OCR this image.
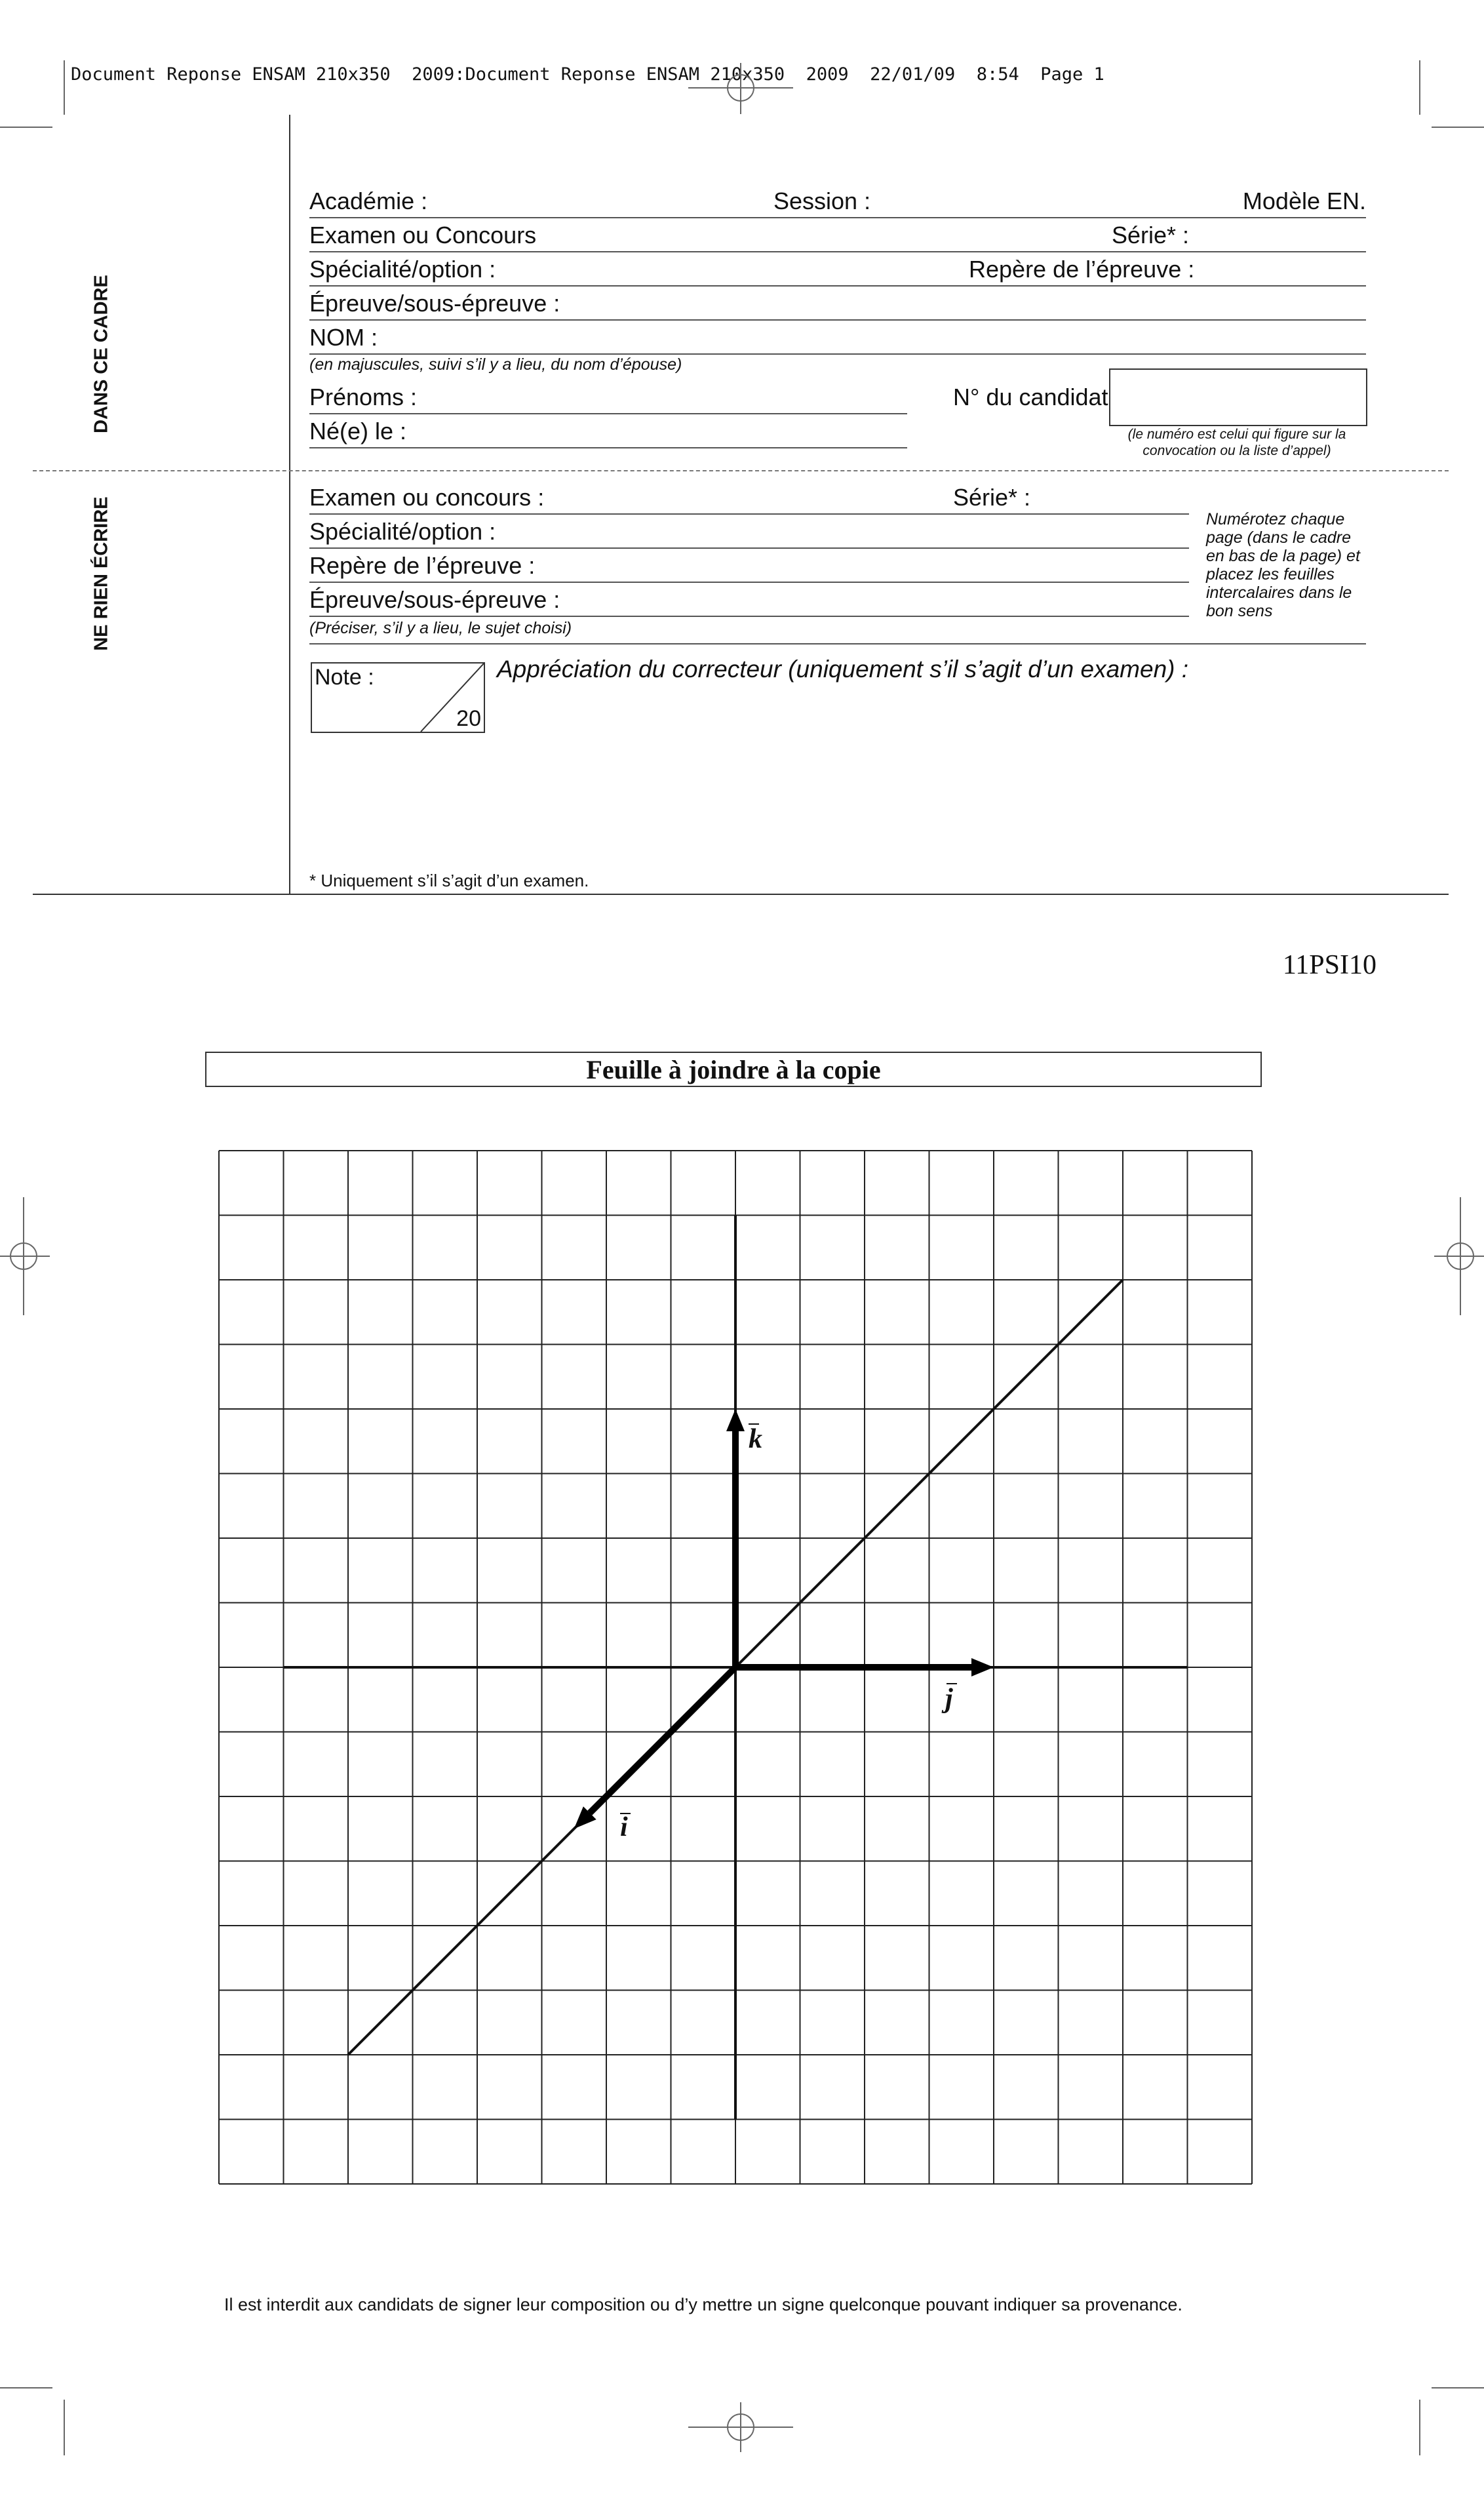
Document Reponse ENSAM 210x350  2009:Document Reponse ENSAM 210x350  2009  22/01/09  8:54  Page 1
DANS CE CADRE
NE RIEN ÉCRIRE
Académie :	Session :	Modèle EN.
Examen ou Concours	Série* :
Spécialité/option :	Repère de l’épreuve :
Épreuve/sous-épreuve :
NOM :
(en majuscules, suivi s’il y a lieu, du nom d’épouse)
Prénoms :
Né(e) le :
N° du candidat
(le numéro est celui qui figure sur la
convocation ou la liste d’appel)
Examen ou concours :	Série* :
Spécialité/option :
Repère de l’épreuve :
Épreuve/sous-épreuve :
(Préciser, s’il y a lieu, le sujet choisi)
Numérotez chaque
page (dans le cadre
en bas de la page) et
placez les feuilles
intercalaires dans le
bon sens
Note :
20
Appréciation du correcteur (uniquement s’il s’agit d’un examen) :
* Uniquement s’il s’agit d’un examen.
11PSI10
Feuille à joindre à la copie
k
j
i
Il est interdit aux candidats de signer leur composition ou d’y mettre un signe quelconque pouvant indiquer sa provenance.
